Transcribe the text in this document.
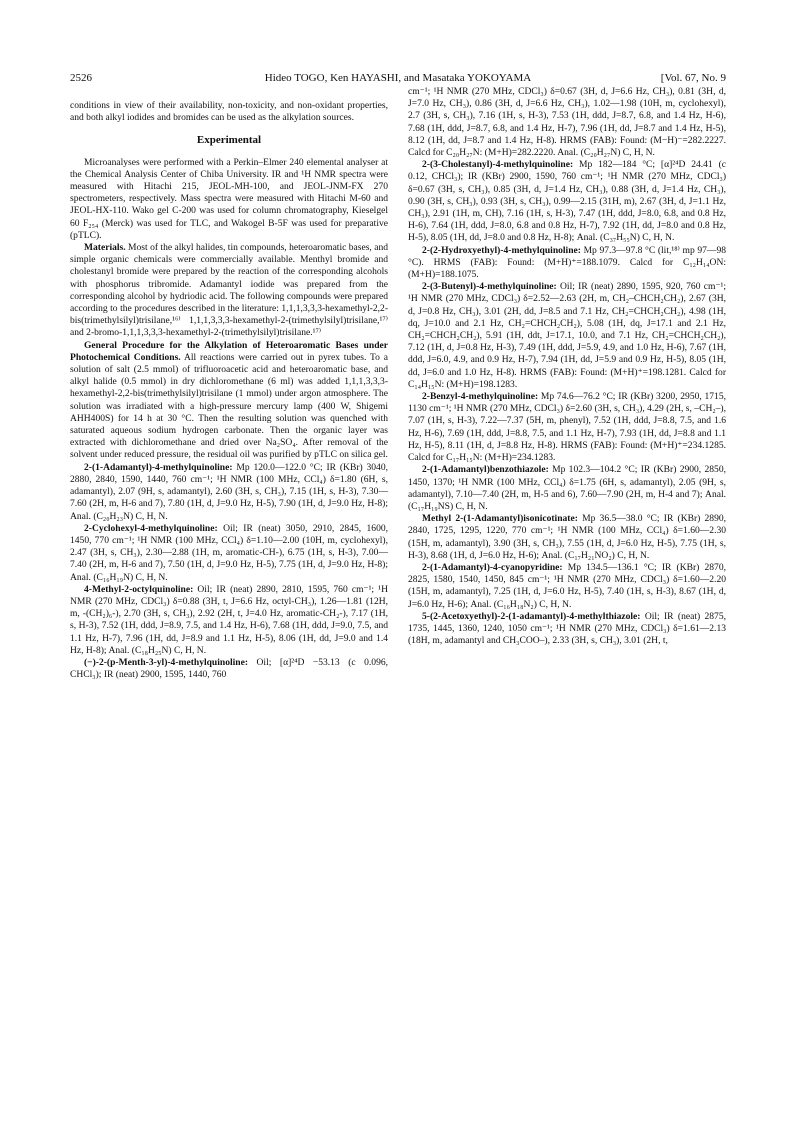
2526	Hideo TOGO, Ken HAYASHI, and Masataka YOKOYAMA	[Vol. 67, No. 9

conditions in view of their availability, non-toxicity, and non-oxidant properties, and both alkyl iodides and bromides can be used as the alkylation sources.

Experimental

Microanalyses were performed with a Perkin–Elmer 240 elemental analyser at the Chemical Analysis Center of Chiba University. IR and ¹H NMR spectra were measured with Hitachi 215, JEOL-MH-100, and JEOL-JNM-FX 270 spectrometers, respectively. Mass spectra were measured with Hitachi M-60 and JEOL-HX-110. Wako gel C-200 was used for column chromatography, Kieselgel 60 F₂₅₄ (Merck) was used for TLC, and Wakogel B-5F was used for preparative (pTLC).

Materials. Most of the alkyl halides, tin compounds, heteroaromatic bases, and simple organic chemicals were commercially available. Menthyl bromide and cholestanyl bromide were prepared by the reaction of the corresponding alcohols with phosphorus tribromide. Adamantyl iodide was prepared from the corresponding alcohol by hydriodic acid. The following compounds were prepared according to the procedures described in the literature: 1,1,1,3,3,3-hexamethyl-2,2-bis(trimethylsilyl)trisilane,¹⁶⁾ 1,1,1,3,3,3-hexamethyl-2-(trimethylsilyl)trisilane,¹⁷⁾ and 2-bromo-1,1,1,3,3,3-hexamethyl-2-(trimethylsilyl)trisilane.¹⁷⁾

General Procedure for the Alkylation of Heteroaromatic Bases under Photochemical Conditions. All reactions were carried out in pyrex tubes. To a solution of salt (2.5 mmol) of trifluoroacetic acid and heteroaromatic base, and alkyl halide (0.5 mmol) in dry dichloromethane (6 ml) was added 1,1,1,3,3,3-hexamethyl-2,2-bis(trimethylsilyl)trisilane (1 mmol) under argon atmosphere. The solution was irradiated with a high-pressure mercury lamp (400 W, Shigemi AHH400S) for 14 h at 30 °C. Then the resulting solution was quenched with saturated aqueous sodium hydrogen carbonate. Then the organic layer was extracted with dichloromethane and dried over Na₂SO₄. After removal of the solvent under reduced pressure, the residual oil was purified by pTLC on silica gel.

2-(1-Adamantyl)-4-methylquinoline: Mp 120.0—122.0 °C; IR (KBr) 3040, 2880, 2840, 1590, 1440, 760 cm⁻¹; ¹H NMR (100 MHz, CCl₄) δ=1.80 (6H, s, adamantyl), 2.07 (9H, s, adamantyl), 2.60 (3H, s, CH₃), 7.15 (1H, s, H-3), 7.30—7.60 (2H, m, H-6 and 7), 7.80 (1H, d, J=9.0 Hz, H-5), 7.90 (1H, d, J=9.0 Hz, H-8); Anal. (C₂₀H₂₃N) C, H, N.

2-Cyclohexyl-4-methylquinoline: Oil; IR (neat) 3050, 2910, 2845, 1600, 1450, 770 cm⁻¹; ¹H NMR (100 MHz, CCl₄) δ=1.10—2.00 (10H, m, cyclohexyl), 2.47 (3H, s, CH₃), 2.30—2.88 (1H, m, aromatic-CH-), 6.75 (1H, s, H-3), 7.00—7.40 (2H, m, H-6 and 7), 7.50 (1H, d, J=9.0 Hz, H-5), 7.75 (1H, d, J=9.0 Hz, H-8); Anal. (C₁₆H₁₉N) C, H, N.

4-Methyl-2-octylquinoline: Oil; IR (neat) 2890, 2810, 1595, 760 cm⁻¹; ¹H NMR (270 MHz, CDCl₃) δ=0.88 (3H, t, J=6.6 Hz, octyl-CH₃), 1.26—1.81 (12H, m, -(CH₂)₆-), 2.70 (3H, s, CH₃), 2.92 (2H, t, J=4.0 Hz, aromatic-CH₂-), 7.17 (1H, s, H-3), 7.52 (1H, ddd, J=8.9, 7.5, and 1.4 Hz, H-6), 7.68 (1H, ddd, J=9.0, 7.5, and 1.1 Hz, H-7), 7.96 (1H, dd, J=8.9 and 1.1 Hz, H-5), 8.06 (1H, dd, J=9.0 and 1.4 Hz, H-8); Anal. (C₁₈H₂₅N) C, H, N.

(−)-2-(p-Menth-3-yl)-4-methylquinoline: Oil; [α]²⁴D −53.13 (c 0.096, CHCl₃); IR (neat) 2900, 1595, 1440, 760

cm⁻¹; ¹H NMR (270 MHz, CDCl₃) δ=0.67 (3H, d, J=6.6 Hz, CH₃), 0.81 (3H, d, J=7.0 Hz, CH₃), 0.86 (3H, d, J=6.6 Hz, CH₃), 1.02—1.98 (10H, m, cyclohexyl), 2.7 (3H, s, CH₃), 7.16 (1H, s, H-3), 7.53 (1H, ddd, J=8.7, 6.8, and 1.4 Hz, H-6), 7.68 (1H, ddd, J=8.7, 6.8, and 1.4 Hz, H-7), 7.96 (1H, dd, J=8.7 and 1.4 Hz, H-5), 8.12 (1H, dd, J=8.7 and 1.4 Hz, H-8). HRMS (FAB): Found: (M−H)⁻=282.2227. Calcd for C₂₀H₂₇N: (M+H)=282.2220. Anal. (C₂₀H₂₇N) C, H, N.

2-(3-Cholestanyl)-4-methylquinoline: Mp 182—184 °C; [α]²⁴D 24.41 (c 0.12, CHCl₃); IR (KBr) 2900, 1590, 760 cm⁻¹; ¹H NMR (270 MHz, CDCl₃) δ=0.67 (3H, s, CH₃), 0.85 (3H, d, J=1.4 Hz, CH₃), 0.88 (3H, d, J=1.4 Hz, CH₃), 0.90 (3H, s, CH₃), 0.93 (3H, s, CH₃), 0.99—2.15 (31H, m), 2.67 (3H, d, J=1.1 Hz, CH₃), 2.91 (1H, m, CH), 7.16 (1H, s, H-3), 7.47 (1H, ddd, J=8.0, 6.8, and 0.8 Hz, H-6), 7.64 (1H, ddd, J=8.0, 6.8 and 0.8 Hz, H-7), 7.92 (1H, dd, J=8.0 and 0.8 Hz, H-5), 8.05 (1H, dd, J=8.0 and 0.8 Hz, H-8); Anal. (C₃₇H₅₅N) C, H, N.

2-(2-Hydroxyethyl)-4-methylquinoline: Mp 97.3—97.8 °C (lit,¹⁸⁾ mp 97—98 °C). HRMS (FAB): Found: (M+H)⁺=188.1079. Calcd for C₁₂H₁₄ON: (M+H)=188.1075.

2-(3-Butenyl)-4-methylquinoline: Oil; IR (neat) 2890, 1595, 920, 760 cm⁻¹; ¹H NMR (270 MHz, CDCl₃) δ=2.52—2.63 (2H, m, CH₂–CHCH₂CH₂), 2.67 (3H, d, J=0.8 Hz, CH₃), 3.01 (2H, dd, J=8.5 and 7.1 Hz, CH₂=CHCH₂CH₂), 4.98 (1H, dq, J=10.0 and 2.1 Hz, CH₂=CHCH₂CH₂), 5.08 (1H, dq, J=17.1 and 2.1 Hz, CH₂=CHCH₂CH₂), 5.91 (1H, ddt, J=17.1, 10.0, and 7.1 Hz, CH₂=CHCH₂CH₂), 7.12 (1H, d, J=0.8 Hz, H-3), 7.49 (1H, ddd, J=5.9, 4.9, and 1.0 Hz, H-6), 7.67 (1H, ddd, J=6.0, 4.9, and 0.9 Hz, H-7), 7.94 (1H, dd, J=5.9 and 0.9 Hz, H-5), 8.05 (1H, dd, J=6.0 and 1.0 Hz, H-8). HRMS (FAB): Found: (M+H)⁺=198.1281. Calcd for C₁₄H₁₅N: (M+H)=198.1283.

2-Benzyl-4-methylquinoline: Mp 74.6—76.2 °C; IR (KBr) 3200, 2950, 1715, 1130 cm⁻¹; ¹H NMR (270 MHz, CDCl₃) δ=2.60 (3H, s, CH₃), 4.29 (2H, s, –CH₂–), 7.07 (1H, s, H-3), 7.22—7.37 (5H, m, phenyl), 7.52 (1H, ddd, J=8.8, 7.5, and 1.6 Hz, H-6), 7.69 (1H, ddd, J=8.8, 7.5, and 1.1 Hz, H-7), 7.93 (1H, dd, J=8.8 and 1.1 Hz, H-5), 8.11 (1H, d, J=8.8 Hz, H-8). HRMS (FAB): Found: (M+H)⁺=234.1285. Calcd for C₁₇H₁₅N: (M+H)=234.1283.

2-(1-Adamantyl)benzothiazole: Mp 102.3—104.2 °C; IR (KBr) 2900, 2850, 1450, 1370; ¹H NMR (100 MHz, CCl₄) δ=1.75 (6H, s, adamantyl), 2.05 (9H, s, adamantyl), 7.10—7.40 (2H, m, H-5 and 6), 7.60—7.90 (2H, m, H-4 and 7); Anal. (C₁₇H₁₉NS) C, H, N.

Methyl 2-(1-Adamantyl)isonicotinate: Mp 36.5—38.0 °C; IR (KBr) 2890, 2840, 1725, 1295, 1220, 770 cm⁻¹; ¹H NMR (100 MHz, CCl₄) δ=1.60—2.30 (15H, m, adamantyl), 3.90 (3H, s, CH₃), 7.55 (1H, d, J=6.0 Hz, H-5), 7.75 (1H, s, H-3), 8.68 (1H, d, J=6.0 Hz, H-6); Anal. (C₁₇H₂₁NO₂) C, H, N.

2-(1-Adamantyl)-4-cyanopyridine: Mp 134.5—136.1 °C; IR (KBr) 2870, 2825, 1580, 1540, 1450, 845 cm⁻¹; ¹H NMR (270 MHz, CDCl₃) δ=1.60—2.20 (15H, m, adamantyl), 7.25 (1H, d, J=6.0 Hz, H-5), 7.40 (1H, s, H-3), 8.67 (1H, d, J=6.0 Hz, H-6); Anal. (C₁₆H₁₈N₂) C, H, N.

5-(2-Acetoxyethyl)-2-(1-adamantyl)-4-methylthiazole: Oil; IR (neat) 2875, 1735, 1445, 1360, 1240, 1050 cm⁻¹; ¹H NMR (270 MHz, CDCl₃) δ=1.61—2.13 (18H, m, adamantyl and CH₃COO–), 2.33 (3H, s, CH₃), 3.01 (2H, t,
